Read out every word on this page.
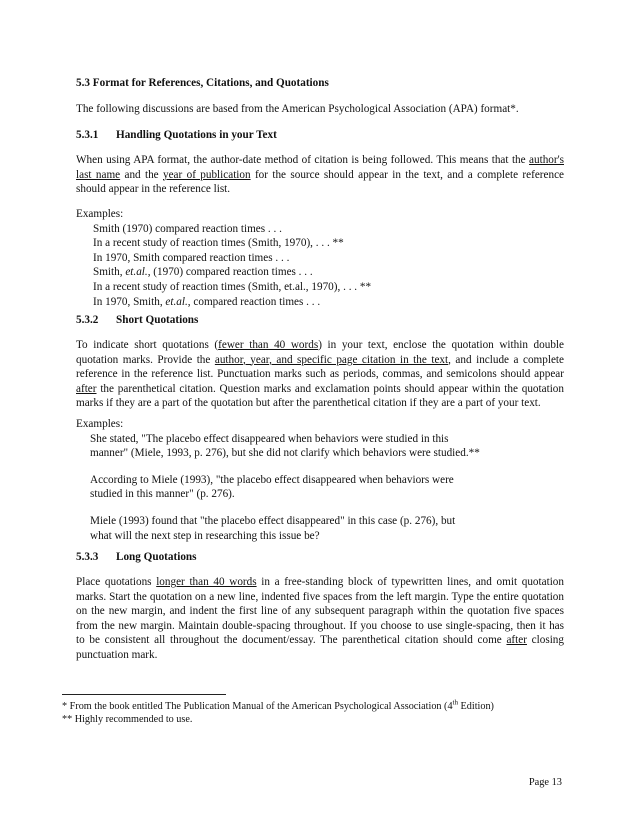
5.3 Format for References, Citations, and Quotations

The following discussions are based from the American Psychological Association (APA) format*.

5.3.1 Handling Quotations in your Text

When using APA format, the author-date method of citation is being followed. This means that the author's last name and the year of publication for the source should appear in the text, and a complete reference should appear in the reference list.

Examples:
Smith (1970) compared reaction times . . .
In a recent study of reaction times (Smith, 1970), . . . **
In 1970, Smith compared reaction times . . .
Smith, et.al., (1970) compared reaction times . . .
In a recent study of reaction times (Smith, et.al., 1970), . . . **
In 1970, Smith, et.al., compared reaction times . . .

5.3.2 Short Quotations

To indicate short quotations (fewer than 40 words) in your text, enclose the quotation within double quotation marks. Provide the author, year, and specific page citation in the text, and include a complete reference in the reference list. Punctuation marks such as periods, commas, and semicolons should appear after the parenthetical citation. Question marks and exclamation points should appear within the quotation marks if they are a part of the quotation but after the parenthetical citation if they are a part of your text.

Examples:
She stated, "The placebo effect disappeared when behaviors were studied in this
manner" (Miele, 1993, p. 276), but she did not clarify which behaviors were studied.**
According to Miele (1993), "the placebo effect disappeared when behaviors were
studied in this manner" (p. 276).
Miele (1993) found that "the placebo effect disappeared" in this case (p. 276), but
what will the next step in researching this issue be?

5.3.3 Long Quotations

Place quotations longer than 40 words in a free-standing block of typewritten lines, and omit quotation marks. Start the quotation on a new line, indented five spaces from the left margin. Type the entire quotation on the new margin, and indent the first line of any subsequent paragraph within the quotation five spaces from the new margin. Maintain double-spacing throughout. If you choose to use single-spacing, then it has to be consistent all throughout the document/essay. The parenthetical citation should come after closing punctuation mark.

* From the book entitled The Publication Manual of the American Psychological Association (4th Edition)
** Highly recommended to use.
Page 13
